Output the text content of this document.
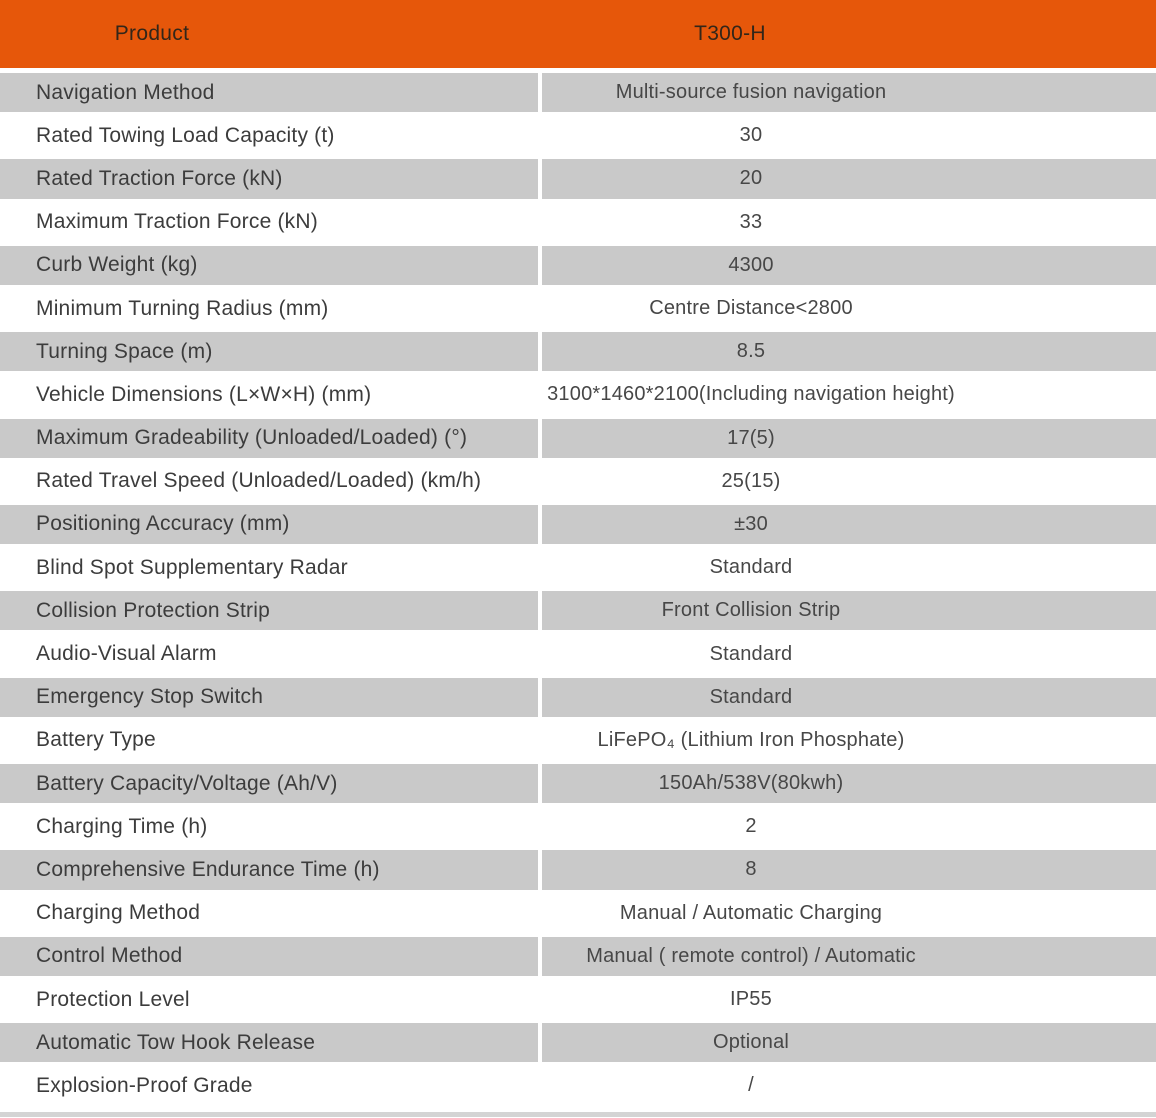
Product	T300-H
Navigation Method	Multi-source fusion navigation
Rated Towing Load Capacity (t)	30
Rated Traction Force (kN)	20
Maximum Traction Force (kN)	33
Curb Weight (kg)	4300
Minimum Turning Radius (mm)	Centre Distance<2800
Turning Space (m)	8.5
Vehicle Dimensions (L×W×H) (mm)	3100*1460*2100(Including navigation height)
Maximum Gradeability (Unloaded/Loaded) (°)	17(5)
Rated Travel Speed (Unloaded/Loaded) (km/h)	25(15)
Positioning Accuracy (mm)	±30
Blind Spot Supplementary Radar	Standard
Collision Protection Strip	Front Collision Strip
Audio-Visual Alarm	Standard
Emergency Stop Switch	Standard
Battery Type	LiFePO₄ (Lithium Iron Phosphate)
Battery Capacity/Voltage (Ah/V)	150Ah/538V(80kwh)
Charging Time (h)	2
Comprehensive Endurance Time (h)	8
Charging Method	Manual / Automatic Charging
Control Method	Manual ( remote control) / Automatic
Protection Level	IP55
Automatic Tow Hook Release	Optional
Explosion-Proof Grade	/
